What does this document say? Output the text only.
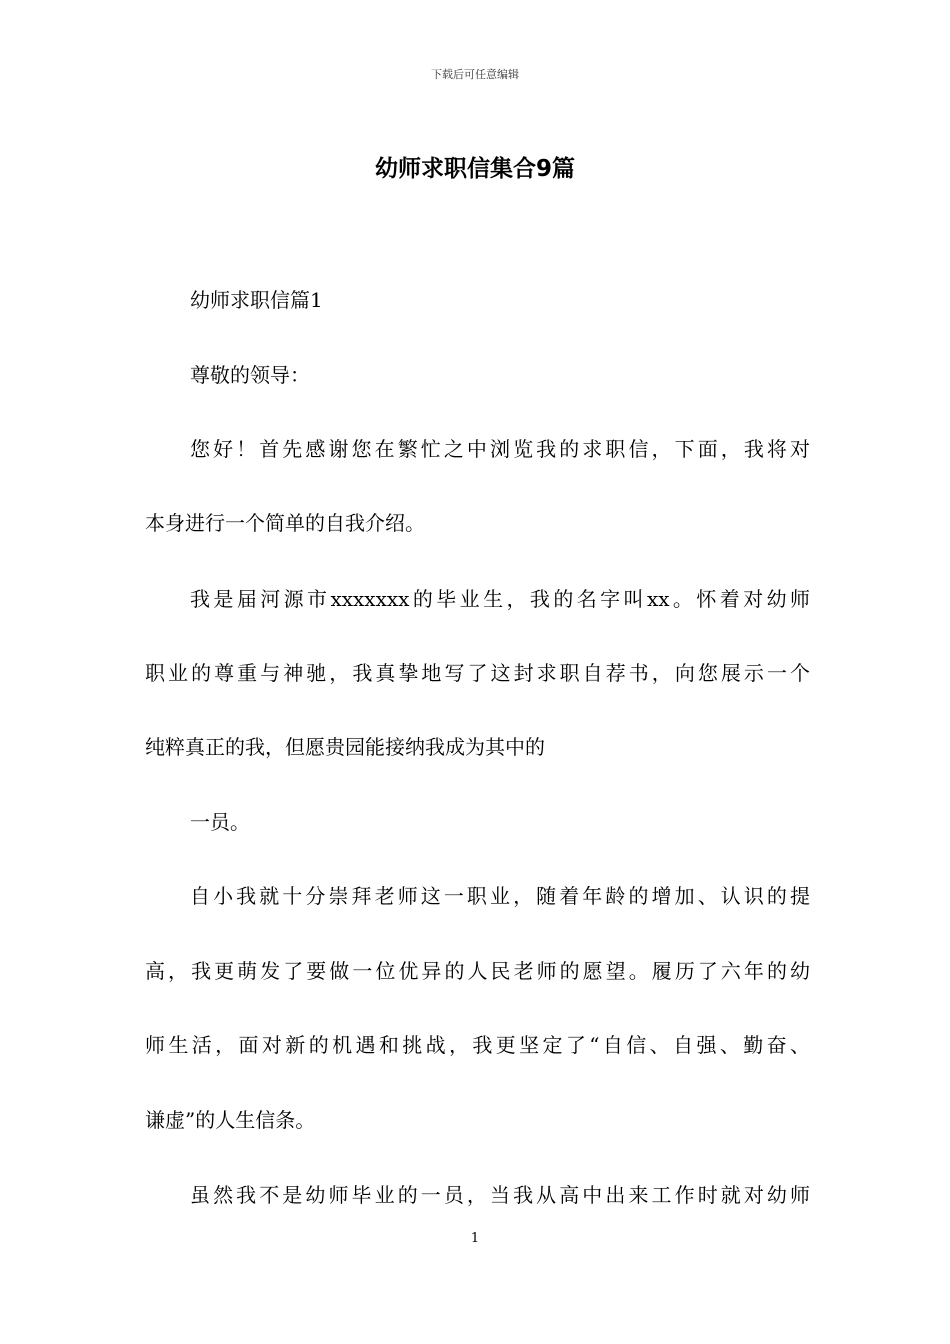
下载后可任意编辑
幼师求职信集合9篇
幼师求职信篇1
尊敬的领导：
您好！首先感谢您在繁忙之中浏览我的求职信，下面，我将对
本身进行一个简单的自我介绍。
我是届河源市xxxxxxx的毕业生，我的名字叫xx。怀着对幼师
职业的尊重与神驰，我真挚地写了这封求职自荐书，向您展示一个
纯粹真正的我，但愿贵园能接纳我成为其中的
一员。
自小我就十分崇拜老师这一职业，随着年龄的增加、认识的提
高，我更萌发了要做一位优异的人民老师的愿望。履历了六年的幼
师生活，面对新的机遇和挑战，我更坚定了“自信、自强、勤奋、
谦虚”的人生信条。
虽然我不是幼师毕业的一员，当我从高中出来工作时就对幼师
1
